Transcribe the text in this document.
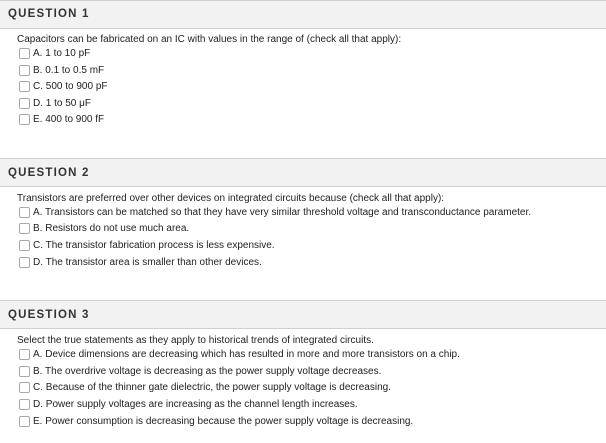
QUESTION 1
Capacitors can be fabricated on an IC with values in the range of (check all that apply):
A. 1 to 10 pF
B. 0.1 to 0.5 mF
C. 500 to 900 pF
D. 1 to 50 μF
E. 400 to 900 fF
QUESTION 2
Transistors are preferred over other devices on integrated circuits because (check all that apply):
A. Transistors can be matched so that they have very similar threshold voltage and transconductance parameter.
B. Resistors do not use much area.
C. The transistor fabrication process is less expensive.
D. The transistor area is smaller than other devices.
QUESTION 3
Select the true statements as they apply to historical trends of integrated circuits.
A. Device dimensions are decreasing which has resulted in more and more transistors on a chip.
B. The overdrive voltage is decreasing as the power supply voltage decreases.
C. Because of the thinner gate dielectric, the power supply voltage is decreasing.
D. Power supply voltages are increasing as the channel length increases.
E. Power consumption is decreasing because the power supply voltage is decreasing.
